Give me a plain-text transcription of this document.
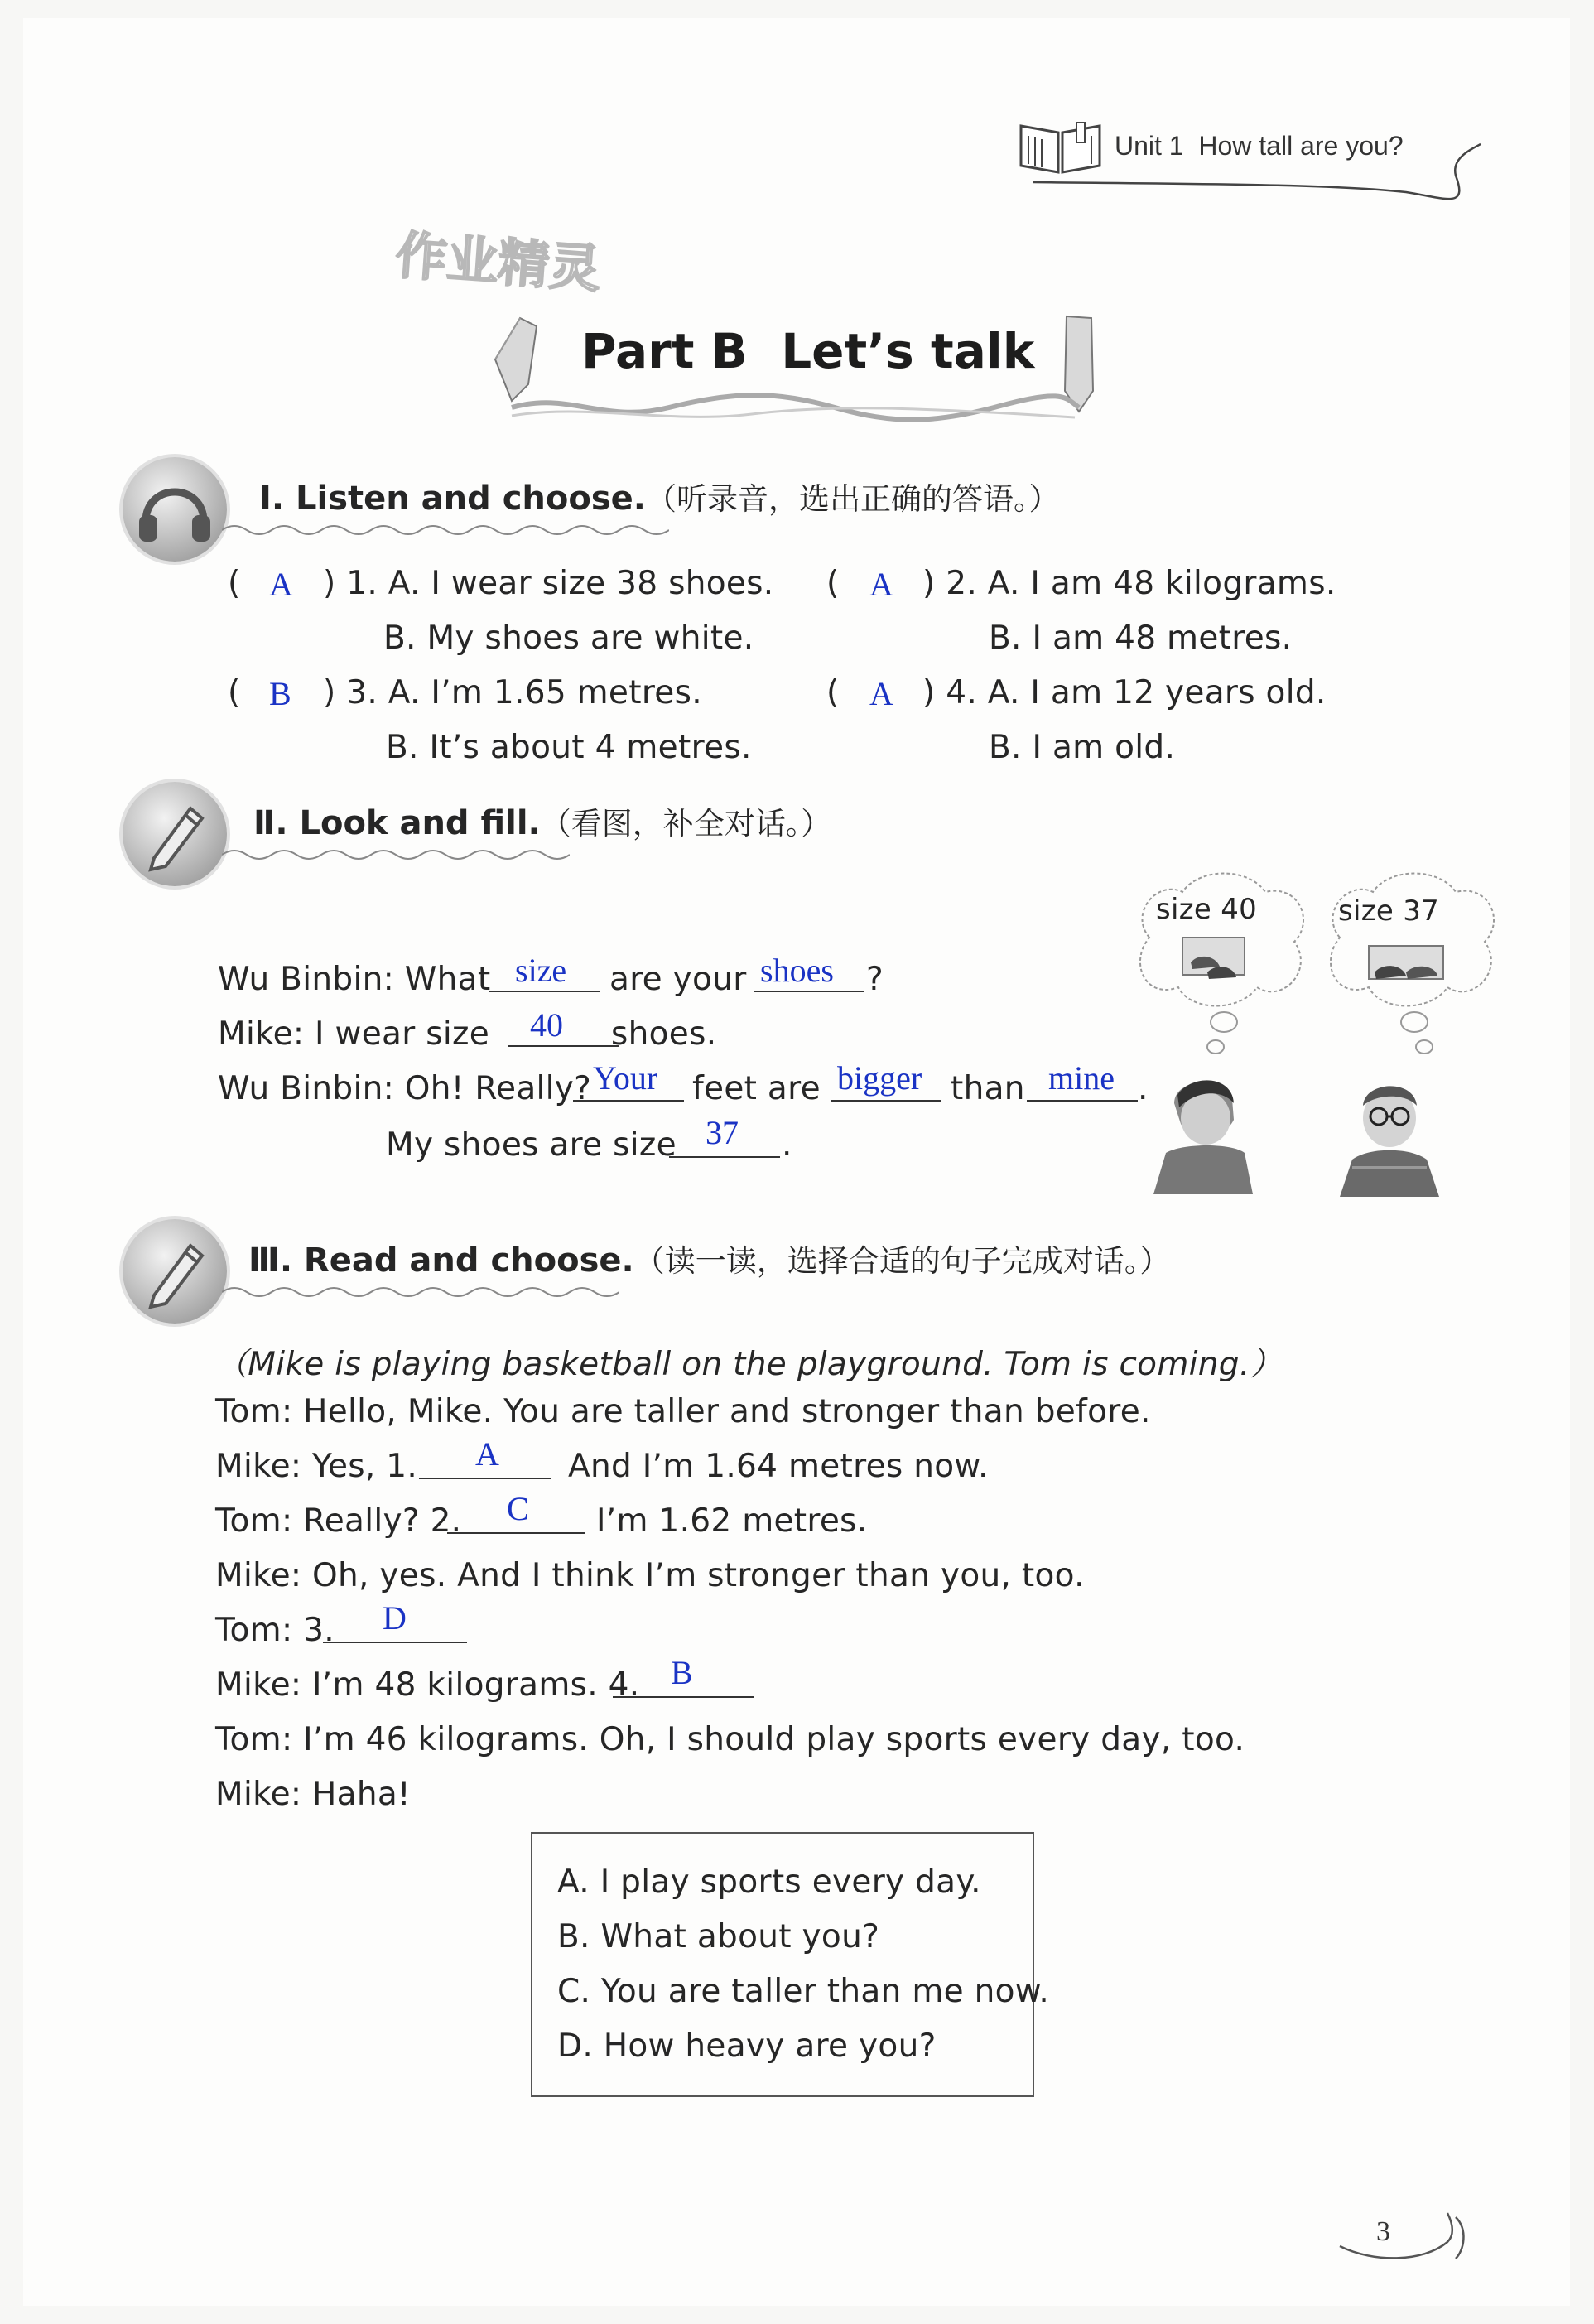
Unit 1 How tall are you?
作业精灵
Part B  Let’s talk
Ⅰ. Listen and choose.（听录音，选出正确的答语。）
( A ) 1. A. I wear size 38 shoes.
B. My shoes are white.
( A ) 2. A. I am 48 kilograms.
B. I am 48 metres.
( B ) 3. A. I’m 1.65 metres.
B. It’s about 4 metres.
( A ) 4. A. I am 12 years old.
B. I am old.
Ⅱ. Look and fill.（看图，补全对话。）
size 40	size 37
Wu Binbin: What size are your shoes ?
Mike: I wear size 40 shoes.
Wu Binbin: Oh! Really? Your feet are bigger than mine .
My shoes are size 37 .
Ⅲ. Read and choose.（读一读，选择合适的句子完成对话。）
（Mike is playing basketball on the playground. Tom is coming.）
Tom: Hello, Mike. You are taller and stronger than before.
Mike: Yes, 1. A And I’m 1.64 metres now.
Tom: Really? 2. C I’m 1.62 metres.
Mike: Oh, yes. And I think I’m stronger than you, too.
Tom: 3. D
Mike: I’m 48 kilograms. 4. B
Tom: I’m 46 kilograms. Oh, I should play sports every day, too.
Mike: Haha!
A. I play sports every day.
B. What about you?
C. You are taller than me now.
D. How heavy are you?
3
